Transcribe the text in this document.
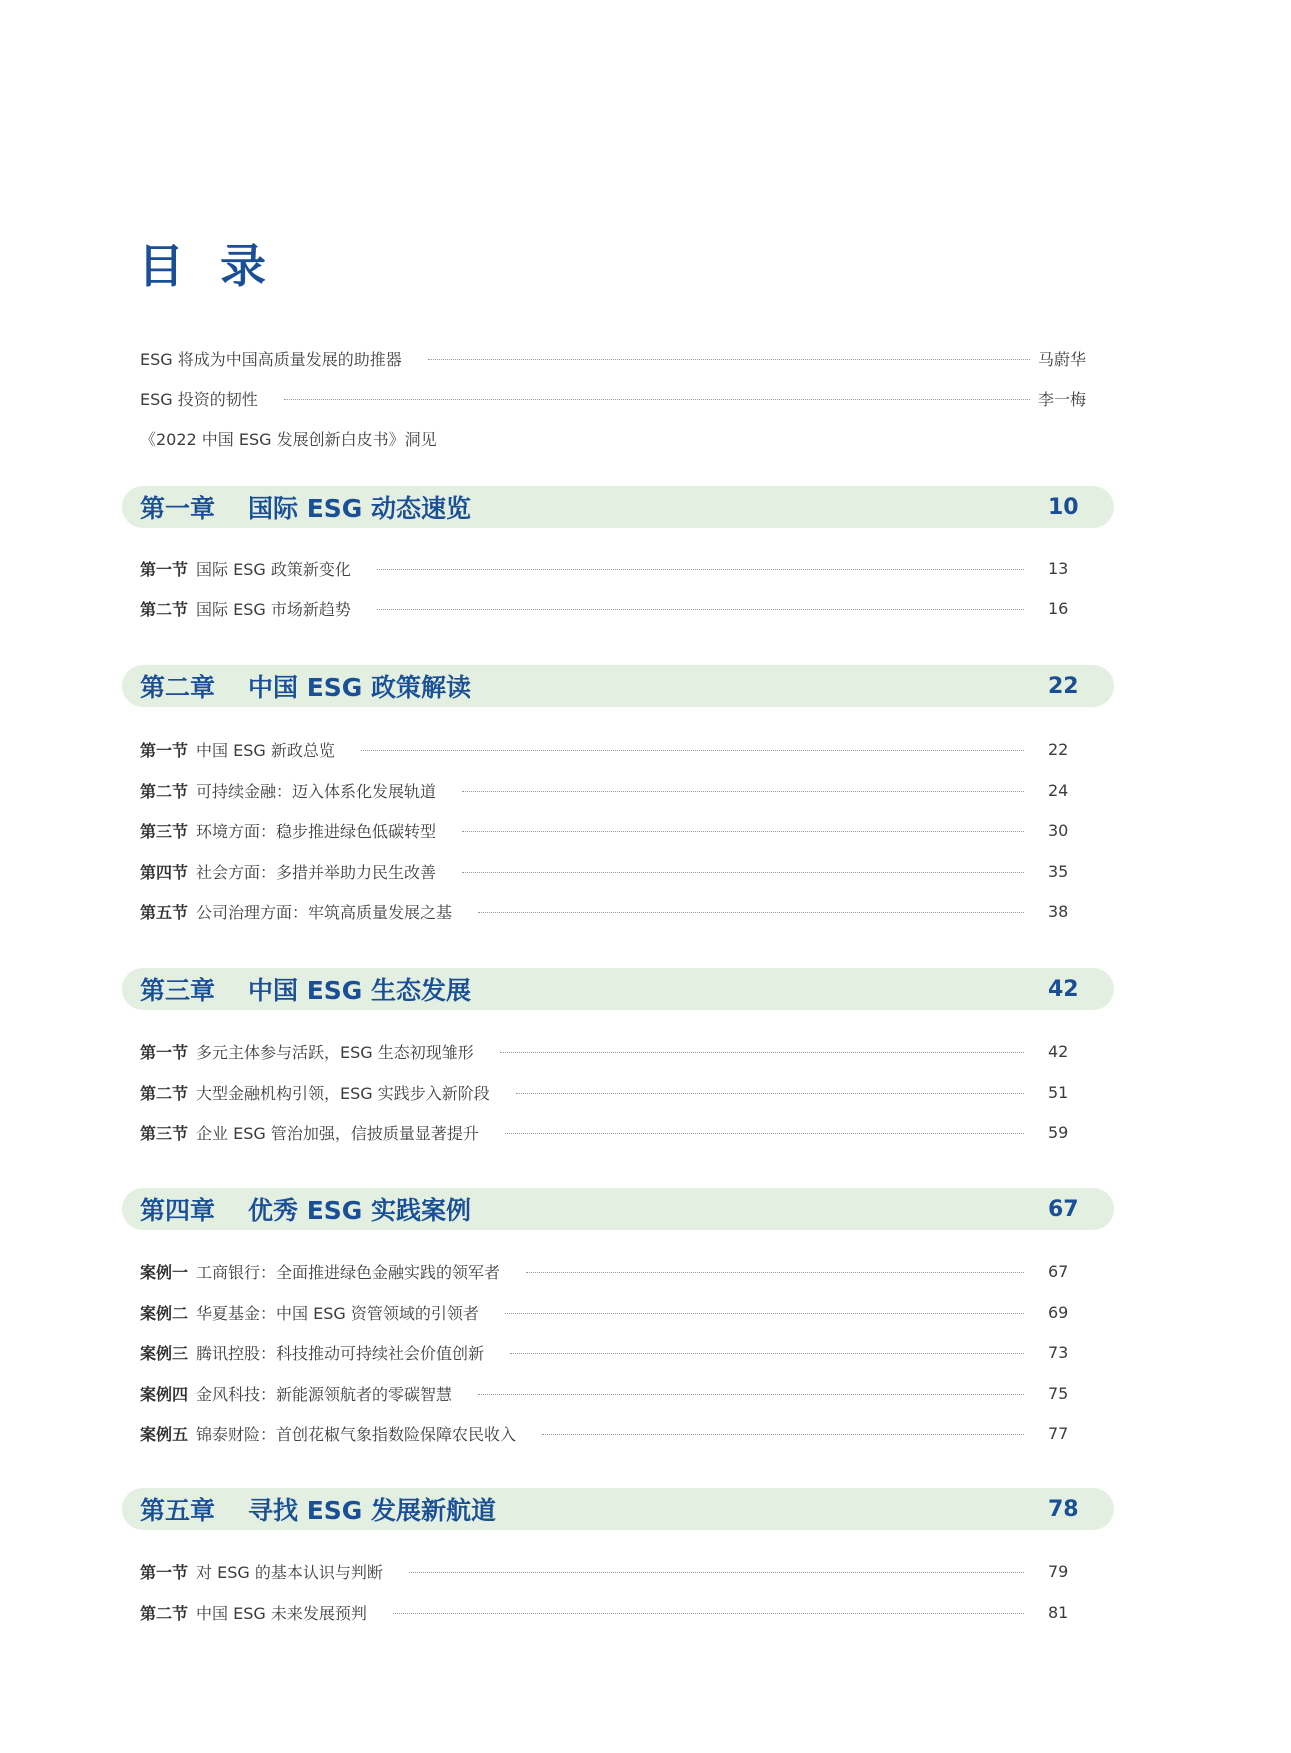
目 录
ESG 将成为中国高质量发展的助推器	马蔚华
ESG 投资的韧性	李一梅
《2022 中国 ESG 发展创新白皮书》洞见
第一章	国际 ESG 动态速览	10
第一节 国际 ESG 政策新变化	13
第二节 国际 ESG 市场新趋势	16
第二章	中国 ESG 政策解读	22
第一节 中国 ESG 新政总览	22
第二节 可持续金融：迈入体系化发展轨道	24
第三节 环境方面：稳步推进绿色低碳转型	30
第四节 社会方面：多措并举助力民生改善	35
第五节 公司治理方面：牢筑高质量发展之基	38
第三章	中国 ESG 生态发展	42
第一节 多元主体参与活跃，ESG 生态初现雏形	42
第二节 大型金融机构引领，ESG 实践步入新阶段	51
第三节 企业 ESG 管治加强，信披质量显著提升	59
第四章	优秀 ESG 实践案例	67
案例一 工商银行：全面推进绿色金融实践的领军者	67
案例二 华夏基金：中国 ESG 资管领域的引领者	69
案例三 腾讯控股：科技推动可持续社会价值创新	73
案例四 金风科技：新能源领航者的零碳智慧	75
案例五 锦泰财险：首创花椒气象指数险保障农民收入	77
第五章	寻找 ESG 发展新航道	78
第一节 对 ESG 的基本认识与判断	79
第二节 中国 ESG 未来发展预判	81
